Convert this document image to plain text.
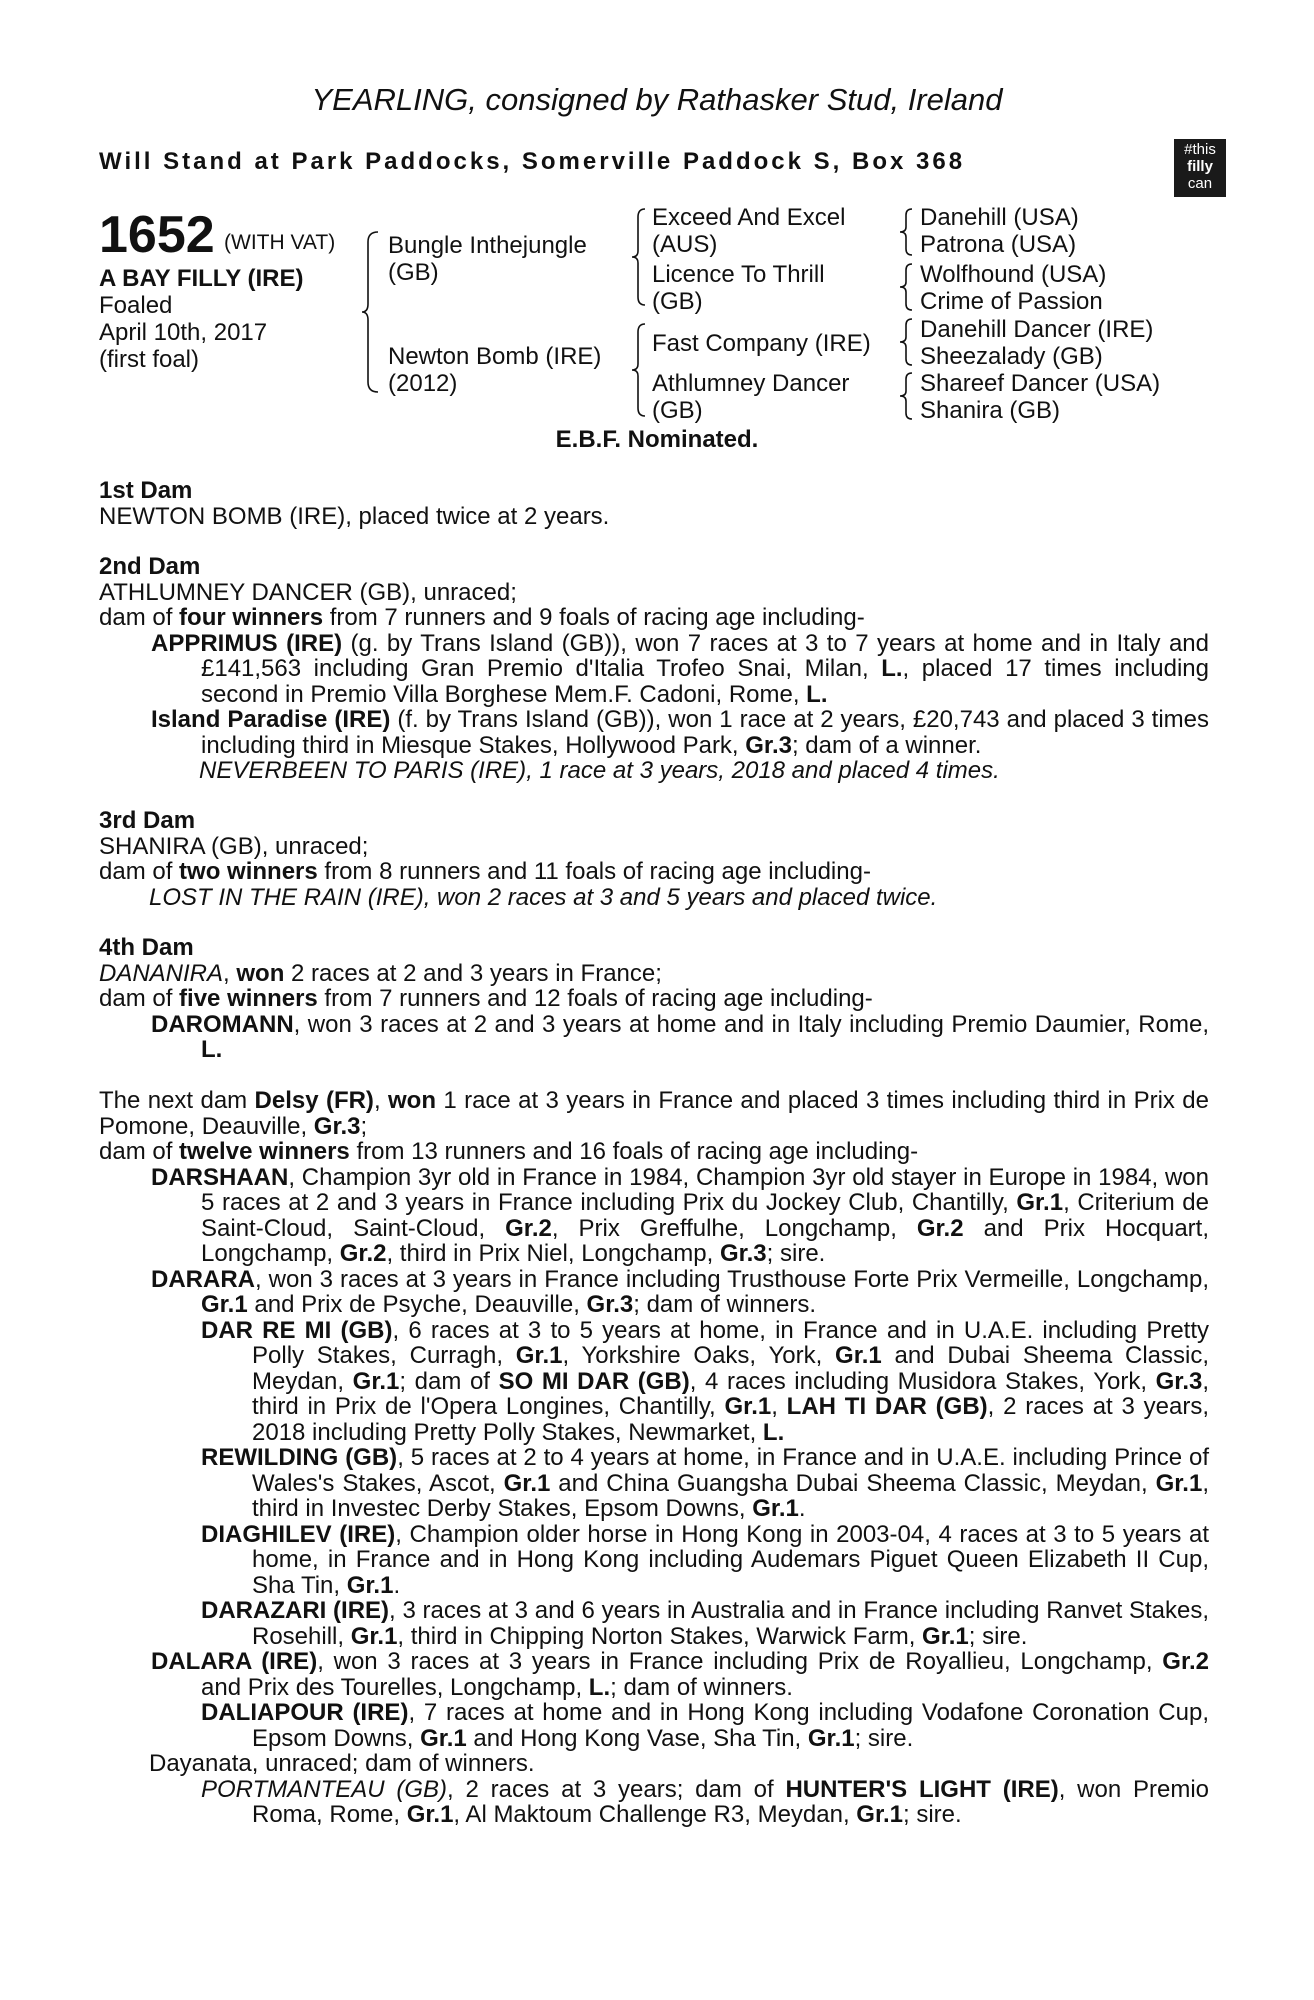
YEARLING, consigned by Rathasker Stud, Ireland
Will Stand at Park Paddocks, Somerville Paddock S, Box 368	#this
filly
can
1652 (WITH VAT)
A BAY FILLY (IRE)
Foaled
April 10th, 2017
(first foal)
Bungle Inthejungle
(GB)
Newton Bomb (IRE)
(2012)
Exceed And Excel
(AUS)
Licence To Thrill
(GB)
Fast Company (IRE)
Athlumney Dancer
(GB)
Danehill (USA)
Patrona (USA)
Wolfhound (USA)
Crime of Passion
Danehill Dancer (IRE)
Sheezalady (GB)
Shareef Dancer (USA)
Shanira (GB)
E.B.F. Nominated.
1st Dam
NEWTON BOMB (IRE), placed twice at 2 years.
2nd Dam
ATHLUMNEY DANCER (GB), unraced;
dam of four winners from 7 runners and 9 foals of racing age including-
APPRIMUS (IRE) (g. by Trans Island (GB)), won 7 races at 3 to 7 years at home and in Italy and £141,563 including Gran Premio d'Italia Trofeo Snai, Milan, L., placed 17 times including second in Premio Villa Borghese Mem.F. Cadoni, Rome, L.
Island Paradise (IRE) (f. by Trans Island (GB)), won 1 race at 2 years, £20,743 and placed 3 times including third in Miesque Stakes, Hollywood Park, Gr.3; dam of a winner.
NEVERBEEN TO PARIS (IRE), 1 race at 3 years, 2018 and placed 4 times.
3rd Dam
SHANIRA (GB), unraced;
dam of two winners from 8 runners and 11 foals of racing age including-
LOST IN THE RAIN (IRE), won 2 races at 3 and 5 years and placed twice.
4th Dam
DANANIRA, won 2 races at 2 and 3 years in France;
dam of five winners from 7 runners and 12 foals of racing age including-
DAROMANN, won 3 races at 2 and 3 years at home and in Italy including Premio Daumier, Rome, L.
The next dam Delsy (FR), won 1 race at 3 years in France and placed 3 times including third in Prix de Pomone, Deauville, Gr.3;
dam of twelve winners from 13 runners and 16 foals of racing age including-
DARSHAAN, Champion 3yr old in France in 1984, Champion 3yr old stayer in Europe in 1984, won 5 races at 2 and 3 years in France including Prix du Jockey Club, Chantilly, Gr.1, Criterium de Saint-Cloud, Saint-Cloud, Gr.2, Prix Greffulhe, Longchamp, Gr.2 and Prix Hocquart, Longchamp, Gr.2, third in Prix Niel, Longchamp, Gr.3; sire.
DARARA, won 3 races at 3 years in France including Trusthouse Forte Prix Vermeille, Longchamp, Gr.1 and Prix de Psyche, Deauville, Gr.3; dam of winners.
DAR RE MI (GB), 6 races at 3 to 5 years at home, in France and in U.A.E. including Pretty Polly Stakes, Curragh, Gr.1, Yorkshire Oaks, York, Gr.1 and Dubai Sheema Classic, Meydan, Gr.1; dam of SO MI DAR (GB), 4 races including Musidora Stakes, York, Gr.3, third in Prix de l'Opera Longines, Chantilly, Gr.1, LAH TI DAR (GB), 2 races at 3 years, 2018 including Pretty Polly Stakes, Newmarket, L.
REWILDING (GB), 5 races at 2 to 4 years at home, in France and in U.A.E. including Prince of Wales's Stakes, Ascot, Gr.1 and China Guangsha Dubai Sheema Classic, Meydan, Gr.1, third in Investec Derby Stakes, Epsom Downs, Gr.1.
DIAGHILEV (IRE), Champion older horse in Hong Kong in 2003-04, 4 races at 3 to 5 years at home, in France and in Hong Kong including Audemars Piguet Queen Elizabeth II Cup, Sha Tin, Gr.1.
DARAZARI (IRE), 3 races at 3 and 6 years in Australia and in France including Ranvet Stakes, Rosehill, Gr.1, third in Chipping Norton Stakes, Warwick Farm, Gr.1; sire.
DALARA (IRE), won 3 races at 3 years in France including Prix de Royallieu, Longchamp, Gr.2 and Prix des Tourelles, Longchamp, L.; dam of winners.
DALIAPOUR (IRE), 7 races at home and in Hong Kong including Vodafone Coronation Cup, Epsom Downs, Gr.1 and Hong Kong Vase, Sha Tin, Gr.1; sire.
Dayanata, unraced; dam of winners.
PORTMANTEAU (GB), 2 races at 3 years; dam of HUNTER'S LIGHT (IRE), won Premio Roma, Rome, Gr.1, Al Maktoum Challenge R3, Meydan, Gr.1; sire.
